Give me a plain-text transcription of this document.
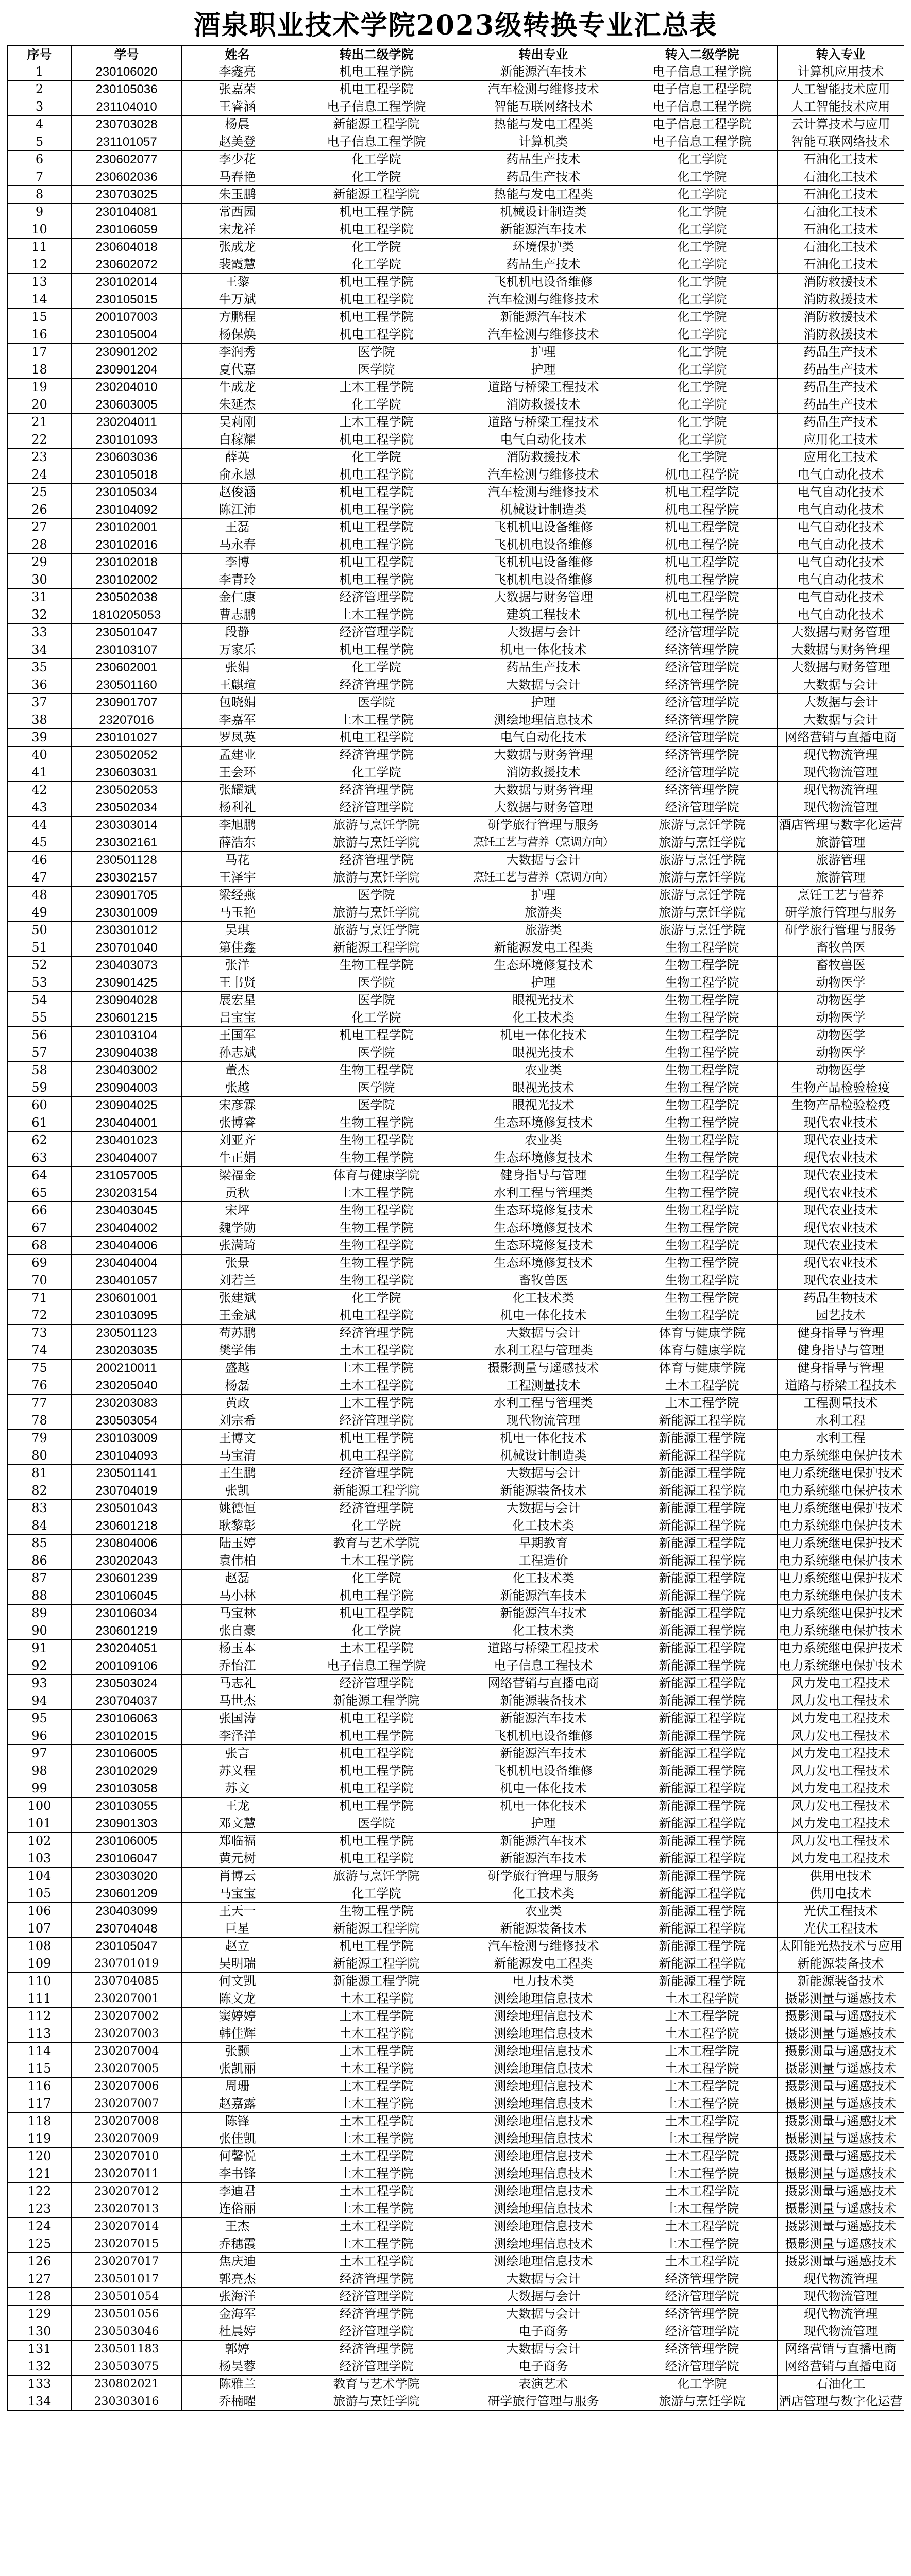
酒泉职业技术学院2023级转换专业汇总表
序号	学号	姓名	转出二级学院	转出专业	转入二级学院	转入专业
1	230106020	李鑫亮	机电工程学院	新能源汽车技术	电子信息工程学院	计算机应用技术
2	230105036	张嘉荣	机电工程学院	汽车检测与维修技术	电子信息工程学院	人工智能技术应用
3	231104010	王睿涵	电子信息工程学院	智能互联网络技术	电子信息工程学院	人工智能技术应用
4	230703028	杨晨	新能源工程学院	热能与发电工程类	电子信息工程学院	云计算技术与应用
5	231101057	赵美登	电子信息工程学院	计算机类	电子信息工程学院	智能互联网络技术
6	230602077	李少花	化工学院	药品生产技术	化工学院	石油化工技术
7	230602036	马春艳	化工学院	药品生产技术	化工学院	石油化工技术
8	230703025	朱玉鹏	新能源工程学院	热能与发电工程类	化工学院	石油化工技术
9	230104081	常西园	机电工程学院	机械设计制造类	化工学院	石油化工技术
10	230106059	宋龙祥	机电工程学院	新能源汽车技术	化工学院	石油化工技术
11	230604018	张成龙	化工学院	环境保护类	化工学院	石油化工技术
12	230602072	裴霞慧	化工学院	药品生产技术	化工学院	石油化工技术
13	230102014	王黎	机电工程学院	飞机机电设备维修	化工学院	消防救援技术
14	230105015	牛万斌	机电工程学院	汽车检测与维修技术	化工学院	消防救援技术
15	200107003	方鹏程	机电工程学院	新能源汽车技术	化工学院	消防救援技术
16	230105004	杨保焕	机电工程学院	汽车检测与维修技术	化工学院	消防救援技术
17	230901202	李润秀	医学院	护理	化工学院	药品生产技术
18	230901204	夏代嘉	医学院	护理	化工学院	药品生产技术
19	230204010	牛成龙	土木工程学院	道路与桥梁工程技术	化工学院	药品生产技术
20	230603005	朱延杰	化工学院	消防救援技术	化工学院	药品生产技术
21	230204011	吴莉刚	土木工程学院	道路与桥梁工程技术	化工学院	药品生产技术
22	230101093	白稼耀	机电工程学院	电气自动化技术	化工学院	应用化工技术
23	230603036	薛英	化工学院	消防救援技术	化工学院	应用化工技术
24	230105018	俞永恩	机电工程学院	汽车检测与维修技术	机电工程学院	电气自动化技术
25	230105034	赵俊涵	机电工程学院	汽车检测与维修技术	机电工程学院	电气自动化技术
26	230104092	陈江沛	机电工程学院	机械设计制造类	机电工程学院	电气自动化技术
27	230102001	王磊	机电工程学院	飞机机电设备维修	机电工程学院	电气自动化技术
28	230102016	马永春	机电工程学院	飞机机电设备维修	机电工程学院	电气自动化技术
29	230102018	李博	机电工程学院	飞机机电设备维修	机电工程学院	电气自动化技术
30	230102002	李青玲	机电工程学院	飞机机电设备维修	机电工程学院	电气自动化技术
31	230502038	金仁康	经济管理学院	大数据与财务管理	机电工程学院	电气自动化技术
32	1810205053	曹志鹏	土木工程学院	建筑工程技术	机电工程学院	电气自动化技术
33	230501047	段静	经济管理学院	大数据与会计	经济管理学院	大数据与财务管理
34	230103107	万家乐	机电工程学院	机电一体化技术	经济管理学院	大数据与财务管理
35	230602001	张娟	化工学院	药品生产技术	经济管理学院	大数据与财务管理
36	230501160	王麒瑄	经济管理学院	大数据与会计	经济管理学院	大数据与会计
37	230901707	包晓娟	医学院	护理	经济管理学院	大数据与会计
38	23207016	李嘉军	土木工程学院	测绘地理信息技术	经济管理学院	大数据与会计
39	230101027	罗凤英	机电工程学院	电气自动化技术	经济管理学院	网络营销与直播电商
40	230502052	孟建业	经济管理学院	大数据与财务管理	经济管理学院	现代物流管理
41	230603031	王会环	化工学院	消防救援技术	经济管理学院	现代物流管理
42	230502053	张耀斌	经济管理学院	大数据与财务管理	经济管理学院	现代物流管理
43	230502034	杨利礼	经济管理学院	大数据与财务管理	经济管理学院	现代物流管理
44	230303014	李旭鹏	旅游与烹饪学院	研学旅行管理与服务	旅游与烹饪学院	酒店管理与数字化运营
45	230302161	薛浩东	旅游与烹饪学院	烹饪工艺与营养（烹调方向）	旅游与烹饪学院	旅游管理
46	230501128	马花	经济管理学院	大数据与会计	旅游与烹饪学院	旅游管理
47	230302157	王泽宇	旅游与烹饪学院	烹饪工艺与营养（烹调方向）	旅游与烹饪学院	旅游管理
48	230901705	梁经燕	医学院	护理	旅游与烹饪学院	烹饪工艺与营养
49	230301009	马玉艳	旅游与烹饪学院	旅游类	旅游与烹饪学院	研学旅行管理与服务
50	230301012	吴琪	旅游与烹饪学院	旅游类	旅游与烹饪学院	研学旅行管理与服务
51	230701040	第佳鑫	新能源工程学院	新能源发电工程类	生物工程学院	畜牧兽医
52	230403073	张洋	生物工程学院	生态环境修复技术	生物工程学院	畜牧兽医
53	230901425	王书贤	医学院	护理	生物工程学院	动物医学
54	230904028	展宏星	医学院	眼视光技术	生物工程学院	动物医学
55	230601215	吕宝宝	化工学院	化工技术类	生物工程学院	动物医学
56	230103104	王国军	机电工程学院	机电一体化技术	生物工程学院	动物医学
57	230904038	孙志斌	医学院	眼视光技术	生物工程学院	动物医学
58	230403002	董杰	生物工程学院	农业类	生物工程学院	动物医学
59	230904003	张越	医学院	眼视光技术	生物工程学院	生物产品检验检疫
60	230904025	宋彦霖	医学院	眼视光技术	生物工程学院	生物产品检验检疫
61	230404001	张博睿	生物工程学院	生态环境修复技术	生物工程学院	现代农业技术
62	230401023	刘亚齐	生物工程学院	农业类	生物工程学院	现代农业技术
63	230404007	牛正娟	生物工程学院	生态环境修复技术	生物工程学院	现代农业技术
64	231057005	梁福金	体育与健康学院	健身指导与管理	生物工程学院	现代农业技术
65	230203154	贡秋	土木工程学院	水利工程与管理类	生物工程学院	现代农业技术
66	230403045	宋坪	生物工程学院	生态环境修复技术	生物工程学院	现代农业技术
67	230404002	魏学勋	生物工程学院	生态环境修复技术	生物工程学院	现代农业技术
68	230404006	张满琦	生物工程学院	生态环境修复技术	生物工程学院	现代农业技术
69	230404004	张景	生物工程学院	生态环境修复技术	生物工程学院	现代农业技术
70	230401057	刘若兰	生物工程学院	畜牧兽医	生物工程学院	现代农业技术
71	230601001	张建斌	化工学院	化工技术类	生物工程学院	药品生物技术
72	230103095	王金斌	机电工程学院	机电一体化技术	生物工程学院	园艺技术
73	230501123	苟苏鹏	经济管理学院	大数据与会计	体育与健康学院	健身指导与管理
74	230203035	樊学伟	土木工程学院	水利工程与管理类	体育与健康学院	健身指导与管理
75	200210011	盛越	土木工程学院	摄影测量与遥感技术	体育与健康学院	健身指导与管理
76	230205040	杨磊	土木工程学院	工程测量技术	土木工程学院	道路与桥梁工程技术
77	230203083	黄政	土木工程学院	水利工程与管理类	土木工程学院	工程测量技术
78	230503054	刘宗希	经济管理学院	现代物流管理	新能源工程学院	水利工程
79	230103009	王博文	机电工程学院	机电一体化技术	新能源工程学院	水利工程
80	230104093	马宝清	机电工程学院	机械设计制造类	新能源工程学院	电力系统继电保护技术
81	230501141	王生鹏	经济管理学院	大数据与会计	新能源工程学院	电力系统继电保护技术
82	230704019	张凯	新能源工程学院	新能源装备技术	新能源工程学院	电力系统继电保护技术
83	230501043	姚德恒	经济管理学院	大数据与会计	新能源工程学院	电力系统继电保护技术
84	230601218	耿黎彰	化工学院	化工技术类	新能源工程学院	电力系统继电保护技术
85	230804006	陆玉婷	教育与艺术学院	早期教育	新能源工程学院	电力系统继电保护技术
86	230202043	袁伟柏	土木工程学院	工程造价	新能源工程学院	电力系统继电保护技术
87	230601239	赵磊	化工学院	化工技术类	新能源工程学院	电力系统继电保护技术
88	230106045	马小林	机电工程学院	新能源汽车技术	新能源工程学院	电力系统继电保护技术
89	230106034	马宝林	机电工程学院	新能源汽车技术	新能源工程学院	电力系统继电保护技术
90	230601219	张自豪	化工学院	化工技术类	新能源工程学院	电力系统继电保护技术
91	230204051	杨玉本	土木工程学院	道路与桥梁工程技术	新能源工程学院	电力系统继电保护技术
92	200109106	乔怡江	电子信息工程学院	电子信息工程技术	新能源工程学院	电力系统继电保护技术
93	230503024	马志礼	经济管理学院	网络营销与直播电商	新能源工程学院	风力发电工程技术
94	230704037	马世杰	新能源工程学院	新能源装备技术	新能源工程学院	风力发电工程技术
95	230106063	张国涛	机电工程学院	新能源汽车技术	新能源工程学院	风力发电工程技术
96	230102015	李泽洋	机电工程学院	飞机机电设备维修	新能源工程学院	风力发电工程技术
97	230106005	张言	机电工程学院	新能源汽车技术	新能源工程学院	风力发电工程技术
98	230102029	苏义程	机电工程学院	飞机机电设备维修	新能源工程学院	风力发电工程技术
99	230103058	苏文	机电工程学院	机电一体化技术	新能源工程学院	风力发电工程技术
100	230103055	王龙	机电工程学院	机电一体化技术	新能源工程学院	风力发电工程技术
101	230901303	邓文慧	医学院	护理	新能源工程学院	风力发电工程技术
102	230106005	郑临福	机电工程学院	新能源汽车技术	新能源工程学院	风力发电工程技术
103	230106047	黄元树	机电工程学院	新能源汽车技术	新能源工程学院	风力发电工程技术
104	230303020	肖博云	旅游与烹饪学院	研学旅行管理与服务	新能源工程学院	供用电技术
105	230601209	马宝宝	化工学院	化工技术类	新能源工程学院	供用电技术
106	230403099	王天一	生物工程学院	农业类	新能源工程学院	光伏工程技术
107	230704048	巨星	新能源工程学院	新能源装备技术	新能源工程学院	光伏工程技术
108	230105047	赵立	机电工程学院	汽车检测与维修技术	新能源工程学院	太阳能光热技术与应用
109	230701019	吴明瑞	新能源工程学院	新能源发电工程类	新能源工程学院	新能源装备技术
110	230704085	何文凯	新能源工程学院	电力技术类	新能源工程学院	新能源装备技术
111	230207001	陈文龙	土木工程学院	测绘地理信息技术	土木工程学院	摄影测量与遥感技术
112	230207002	窦婷婷	土木工程学院	测绘地理信息技术	土木工程学院	摄影测量与遥感技术
113	230207003	韩佳辉	土木工程学院	测绘地理信息技术	土木工程学院	摄影测量与遥感技术
114	230207004	张颢	土木工程学院	测绘地理信息技术	土木工程学院	摄影测量与遥感技术
115	230207005	张凯丽	土木工程学院	测绘地理信息技术	土木工程学院	摄影测量与遥感技术
116	230207006	周珊	土木工程学院	测绘地理信息技术	土木工程学院	摄影测量与遥感技术
117	230207007	赵嘉露	土木工程学院	测绘地理信息技术	土木工程学院	摄影测量与遥感技术
118	230207008	陈锋	土木工程学院	测绘地理信息技术	土木工程学院	摄影测量与遥感技术
119	230207009	张佳凯	土木工程学院	测绘地理信息技术	土木工程学院	摄影测量与遥感技术
120	230207010	何馨悦	土木工程学院	测绘地理信息技术	土木工程学院	摄影测量与遥感技术
121	230207011	李书锋	土木工程学院	测绘地理信息技术	土木工程学院	摄影测量与遥感技术
122	230207012	李迪君	土木工程学院	测绘地理信息技术	土木工程学院	摄影测量与遥感技术
123	230207013	连俗丽	土木工程学院	测绘地理信息技术	土木工程学院	摄影测量与遥感技术
124	230207014	王杰	土木工程学院	测绘地理信息技术	土木工程学院	摄影测量与遥感技术
125	230207015	乔穗霞	土木工程学院	测绘地理信息技术	土木工程学院	摄影测量与遥感技术
126	230207017	焦庆迪	土木工程学院	测绘地理信息技术	土木工程学院	摄影测量与遥感技术
127	230501017	郭亮杰	经济管理学院	大数据与会计	经济管理学院	现代物流管理
128	230501054	张海洋	经济管理学院	大数据与会计	经济管理学院	现代物流管理
129	230501056	金海军	经济管理学院	大数据与会计	经济管理学院	现代物流管理
130	230503046	杜晨婷	经济管理学院	电子商务	经济管理学院	现代物流管理
131	230501183	郭婷	经济管理学院	大数据与会计	经济管理学院	网络营销与直播电商
132	230503075	杨昊蓉	经济管理学院	电子商务	经济管理学院	网络营销与直播电商
133	230802021	陈雅兰	教育与艺术学院	表演艺术	化工学院	石油化工
134	230303016	乔楠曜	旅游与烹饪学院	研学旅行管理与服务	旅游与烹饪学院	酒店管理与数字化运营
